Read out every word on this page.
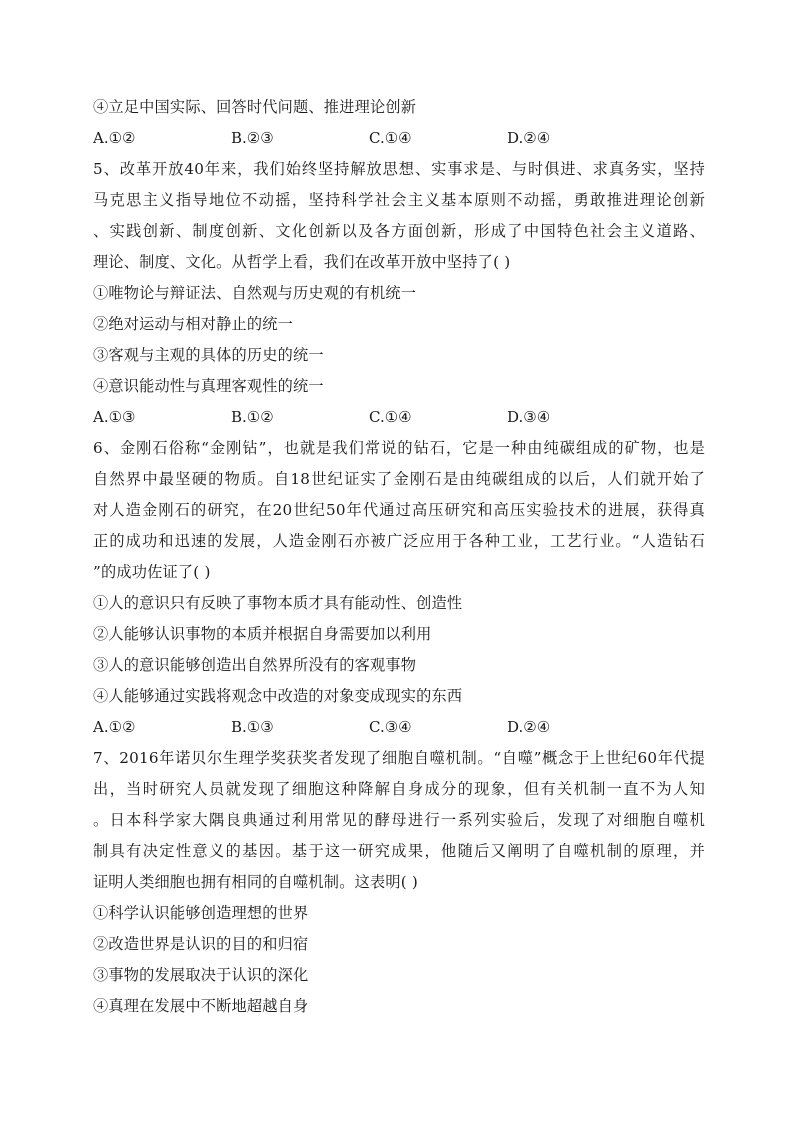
④立足中国实际、回答时代问题、推进理论创新
A.①②	B.②③	C.①④	D.②④
5、改革开放40年来，我们始终坚持解放思想、实事求是、与时俱进、求真务实，坚持
马克思主义指导地位不动摇，坚持科学社会主义基本原则不动摇，勇敢推进理论创新
、实践创新、制度创新、文化创新以及各方面创新，形成了中国特色社会主义道路、
理论、制度、文化。从哲学上看，我们在改革开放中坚持了( )
①唯物论与辩证法、自然观与历史观的有机统一
②绝对运动与相对静止的统一
③客观与主观的具体的历史的统一
④意识能动性与真理客观性的统一
A.①③	B.①②	C.①④	D.③④
6、金刚石俗称“金刚钻”，也就是我们常说的钻石，它是一种由纯碳组成的矿物，也是
自然界中最坚硬的物质。自18世纪证实了金刚石是由纯碳组成的以后，人们就开始了
对人造金刚石的研究，在20世纪50年代通过高压研究和高压实验技术的进展，获得真
正的成功和迅速的发展，人造金刚石亦被广泛应用于各种工业，工艺行业。“人造钻石
”的成功佐证了( )
①人的意识只有反映了事物本质才具有能动性、创造性
②人能够认识事物的本质并根据自身需要加以利用
③人的意识能够创造出自然界所没有的客观事物
④人能够通过实践将观念中改造的对象变成现实的东西
A.①②	B.①③	C.③④	D.②④
7、2016年诺贝尔生理学奖获奖者发现了细胞自噬机制。“自噬”概念于上世纪60年代提
出，当时研究人员就发现了细胞这种降解自身成分的现象，但有关机制一直不为人知
。日本科学家大隅良典通过利用常见的酵母进行一系列实验后，发现了对细胞自噬机
制具有决定性意义的基因。基于这一研究成果，他随后又阐明了自噬机制的原理，并
证明人类细胞也拥有相同的自噬机制。这表明( )
①科学认识能够创造理想的世界
②改造世界是认识的目的和归宿
③事物的发展取决于认识的深化
④真理在发展中不断地超越自身
